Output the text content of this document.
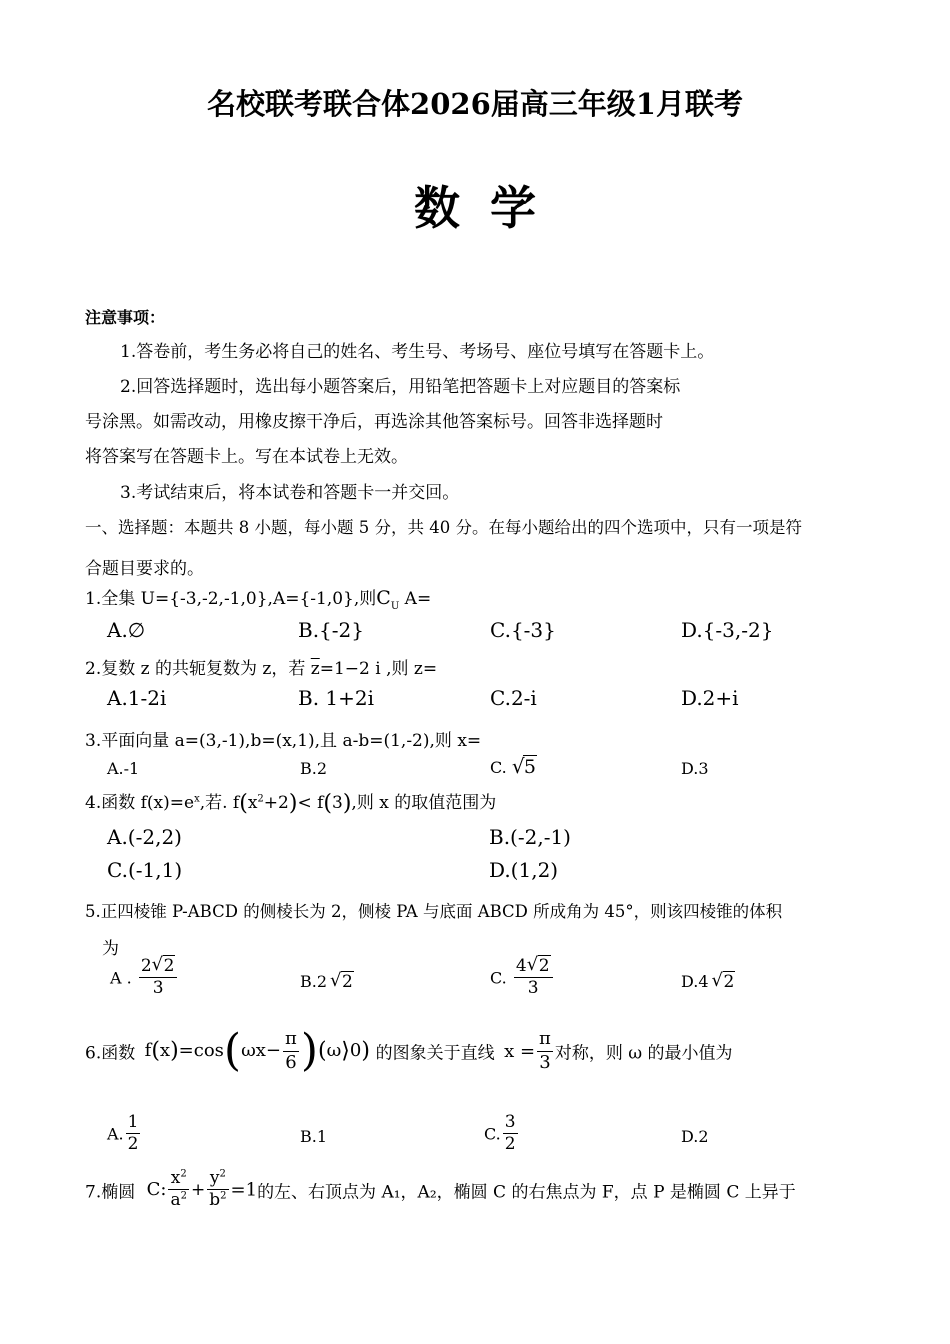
名校联考联合体2026届高三年级1月联考
数学
注意事项：
1.答卷前，考生务必将自己的姓名、考生号、考场号、座位号填写在答题卡上。
2.回答选择题时，选出每小题答案后，用铅笔把答题卡上对应题目的答案标
号涂黑。如需改动，用橡皮擦干净后，再选涂其他答案标号。回答非选择题时
将答案写在答题卡上。写在本试卷上无效。
3.考试结束后，将本试卷和答题卡一并交回。
一、选择题：本题共 8 小题，每小题 5 分，共 40 分。在每小题给出的四个选项中，只有一项是符
合题目要求的。
1.全集 U={-3,-2,-1,0},A={-1,0},则$C_U$ A=
A.∅	B.{-2}	C.{-3}	D.{-3,-2}
2.复数 z 的共轭复数为 z，若 $\overline{z}=1-2$ i ,则 z=
A.1-2i	B. 1+2i	C.2-i	D.2+i
3.平面向量 a=(3,-1),b=(x,1),且 a-b=(1,-2),则 x=
A.-1	B.2	C. √ 5	D.3
4.函数 $f(x)=e^x$,若. $f(x^2+2)< f(3)$,则 x 的取值范围为
A.(-2,2)	B.(-2,-1)
C.(-1,1)	D.(1,2)
5.正四棱锥 P-ABCD 的侧棱长为 2，侧棱 PA 与底面 ABCD 所成角为 45°，则该四棱锥的体积
为
A . $\frac{2 √ 2}{3}$	B.2 √ 2	C. $\frac{4 √ 2}{3}$	D.4 √ 2
6.函数 $f(x)=\cos(\omega x- \frac{\pi}{6}$ )(ω⟩0) 的图象关于直线 $x = \frac{\pi}{3}$ 对称，则 ω 的最小值为
A. $\frac{1}{2}$	B.1	C. $\frac{3}{2}$	D.2
7.椭圆 C: $\frac{x^2}{a^2} + \frac{y^2}{b^2} =1$的左、右顶点为 A₁，A₂，椭圆 C 的右焦点为 F，点 P 是椭圆 C 上异于
